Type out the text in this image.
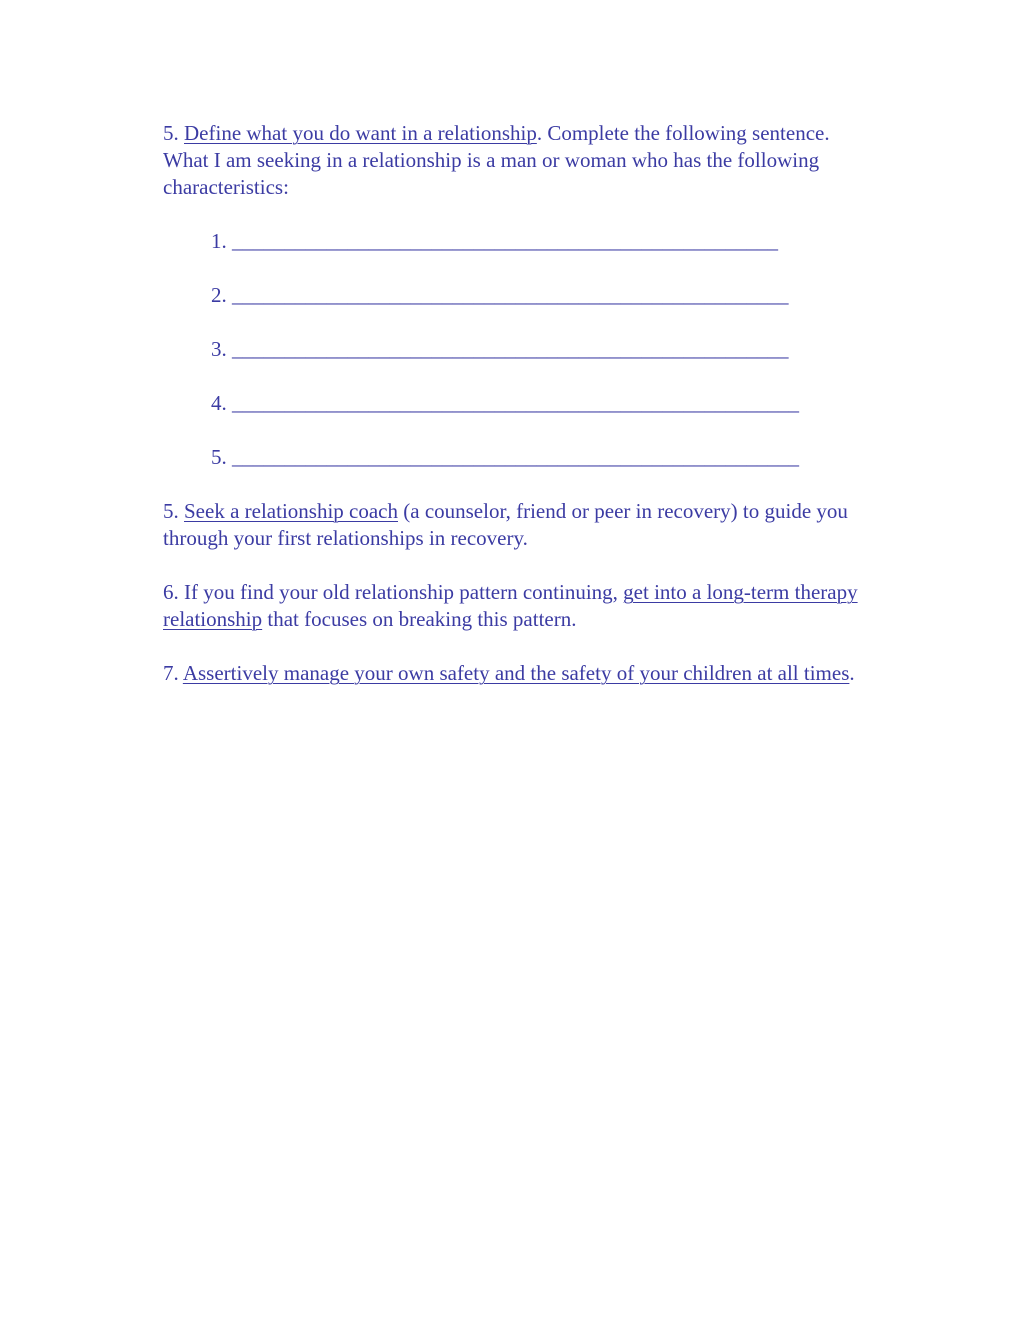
5. Define what you do want in a relationship. Complete the following sentence.

What I am seeking in a relationship is a man or woman who has the following characteristics:

1. ____________________________________________________
2. _____________________________________________________
3. _____________________________________________________
4. ______________________________________________________
5. ______________________________________________________

5. Seek a relationship coach (a counselor, friend or peer in recovery) to guide you through your first relationships in recovery.

6. If you find your old relationship pattern continuing, get into a long-term therapy relationship that focuses on breaking this pattern.

7. Assertively manage your own safety and the safety of your children at all times.
